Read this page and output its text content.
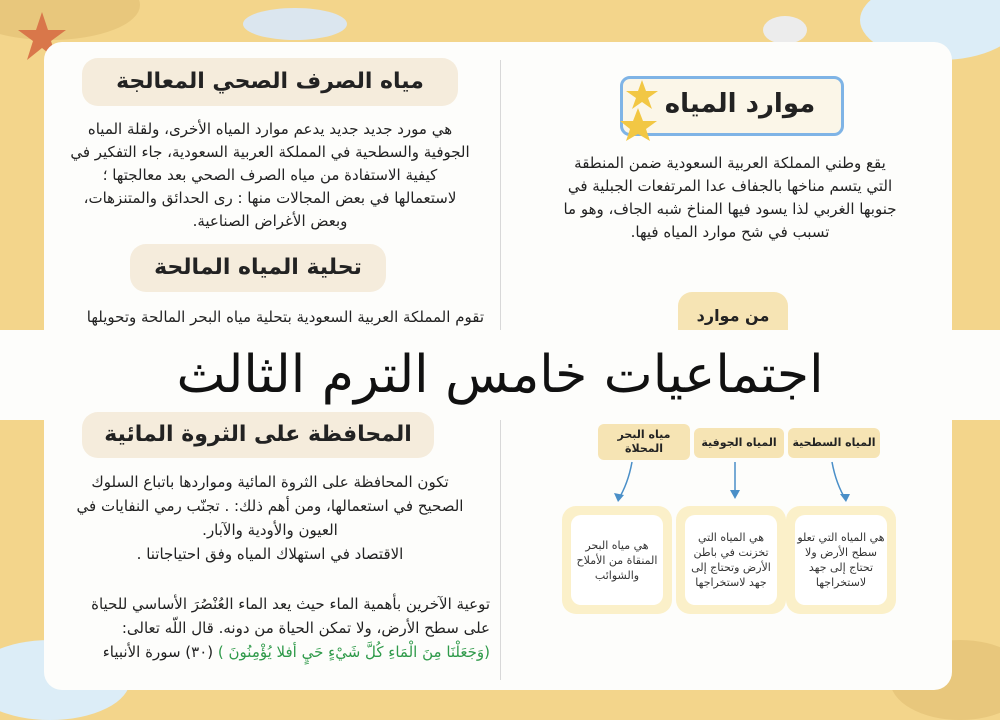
موارد المياه
يقع وطني المملكة العربية السعودية ضمن المنطقة
التي يتسم مناخها بالجفاف عدا المرتفعات الجبلية في
جنوبها الغربي لذا يسود فيها المناخ شبه الجاف، وهو ما
تسبب في شح موارد المياه فيها.
من موارد
المياه السطحية
المياه الجوفية
مياه البحر المحلاة
هي المياه التي تعلو سطح الأرض ولا تحتاج إلى جهد لاستخراجها
هي المياه التي تخزنت في باطن الأرض وتحتاج إلى جهد لاستخراجها
هي مياه البحر المنقاة من الأملاح والشوائب
مياه الصرف الصحي المعالجة
هي مورد جديد جديد يدعم موارد المياه الأخرى، ولقلة المياه
الجوفية والسطحية في المملكة العربية السعودية، جاء التفكير في
كيفية الاستفادة من مياه الصرف الصحي بعد معالجتها ؛
لاستعمالها في بعض المجالات منها : رى الحدائق والمتنزهات،
وبعض الأغراض الصناعية.
تحلية المياه المالحة
تقوم المملكة العربية السعودية بتحلية مياه البحر المالحة وتحويلها
اجتماعيات خامس الترم الثالث
المحافظة على الثروة المائية
تكون المحافظة على الثروة المائية ومواردها باتباع السلوك
الصحيح في استعمالها، ومن أهم ذلك: . تجنّب رمي النفايات في
العيون والأودية والآبار.
الاقتصاد في استهلاك المياه وفق احتياجاتنا .
توعية الآخرين بأهمية الماء حيث يعد الماء العُنْصُرَ الأساسي للحياة
على سطح الأرض، ولا تمكن الحياة من دونه. قال اللّه تعالى:
(وَجَعَلْنَا مِنَ الْمَاءِ كُلَّ شَيْءٍ حَيٍ أفلا يُؤْمِنُونَ ) (٣٠) سورة الأنبياء
